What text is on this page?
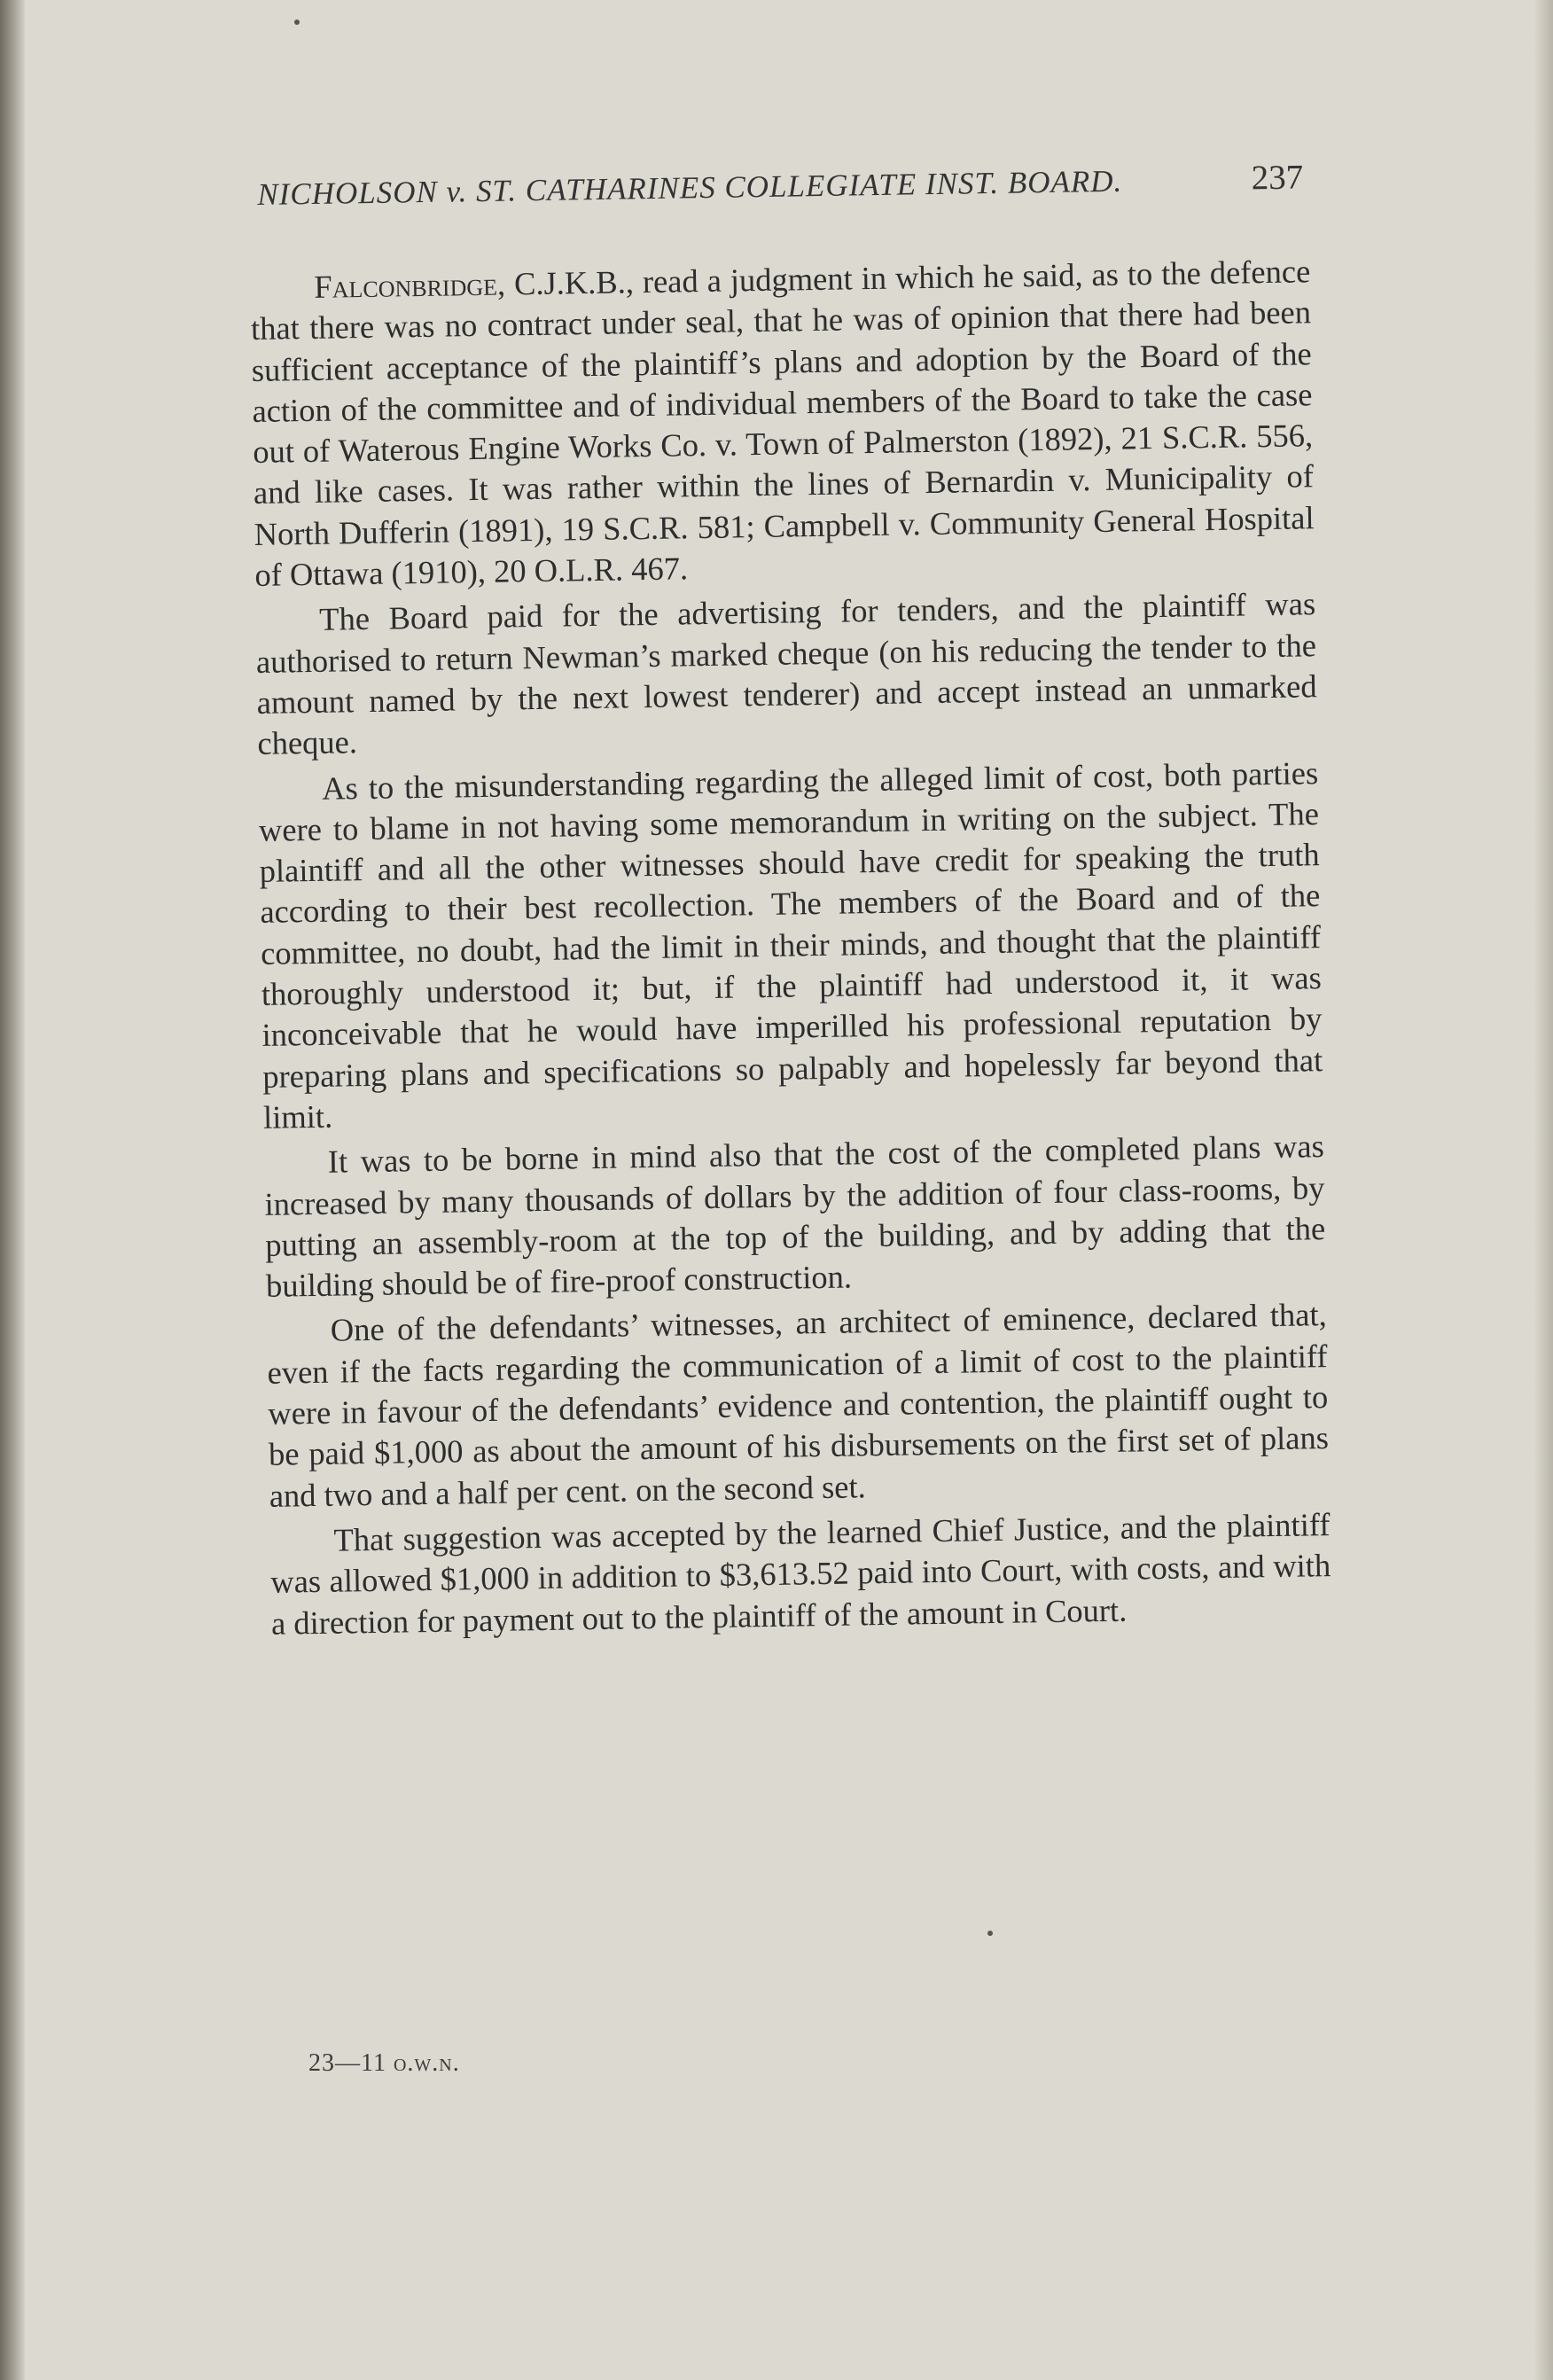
NICHOLSON v. ST. CATHARINES COLLEGIATE INST. BOARD.	237

Falconbridge, C.J.K.B., read a judgment in which he said, as to the defence that there was no contract under seal, that he was of opinion that there had been sufficient acceptance of the plaintiff’s plans and adoption by the Board of the action of the committee and of individual members of the Board to take the case out of Waterous Engine Works Co. v. Town of Palmerston (1892), 21 S.C.R. 556, and like cases. It was rather within the lines of Bernardin v. Municipality of North Dufferin (1891), 19 S.C.R. 581; Campbell v. Community General Hospital of Ottawa (1910), 20 O.L.R. 467.

The Board paid for the advertising for tenders, and the plaintiff was authorised to return Newman’s marked cheque (on his reducing the tender to the amount named by the next lowest tenderer) and accept instead an unmarked cheque.

As to the misunderstanding regarding the alleged limit of cost, both parties were to blame in not having some memorandum in writing on the subject. The plaintiff and all the other witnesses should have credit for speaking the truth according to their best recollection. The members of the Board and of the committee, no doubt, had the limit in their minds, and thought that the plaintiff thoroughly understood it; but, if the plaintiff had understood it, it was inconceivable that he would have imperilled his professional reputation by preparing plans and specifications so palpably and hopelessly far beyond that limit.

It was to be borne in mind also that the cost of the completed plans was increased by many thousands of dollars by the addition of four class-rooms, by putting an assembly-room at the top of the building, and by adding that the building should be of fire-proof construction.

One of the defendants’ witnesses, an architect of eminence, declared that, even if the facts regarding the communication of a limit of cost to the plaintiff were in favour of the defendants’ evidence and contention, the plaintiff ought to be paid $1,000 as about the amount of his disbursements on the first set of plans and two and a half per cent. on the second set.

That suggestion was accepted by the learned Chief Justice, and the plaintiff was allowed $1,000 in addition to $3,613.52 paid into Court, with costs, and with a direction for payment out to the plaintiff of the amount in Court.

23—11 o.w.n.
